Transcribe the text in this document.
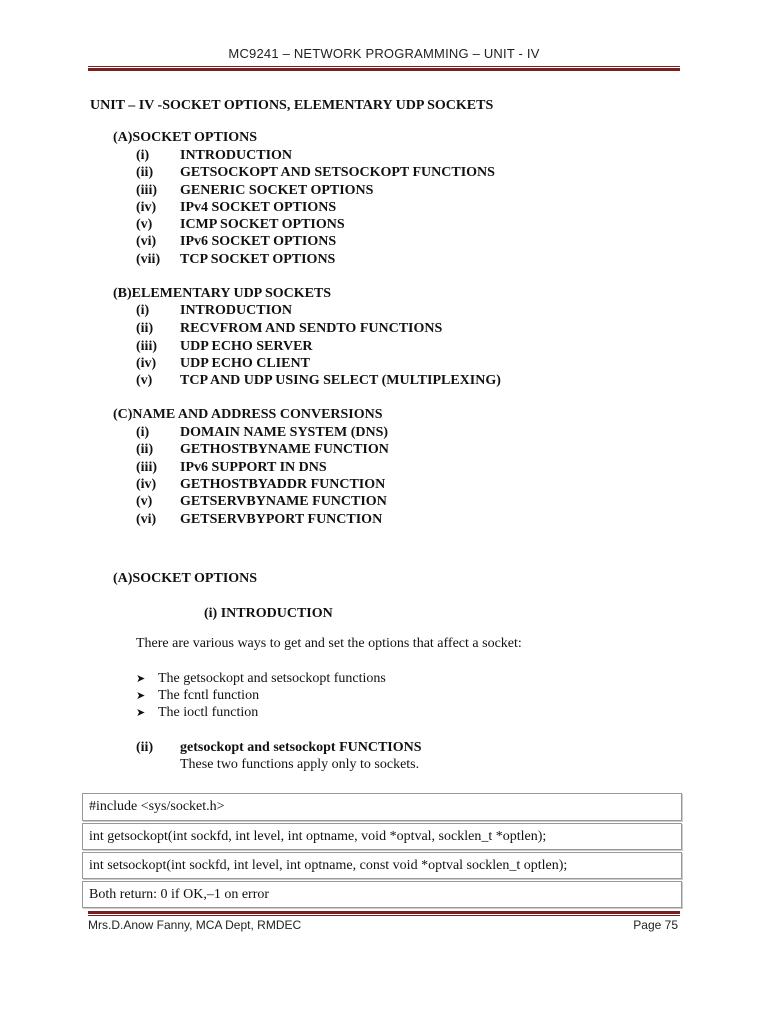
MC9241 – NETWORK PROGRAMMING – UNIT - IV
UNIT – IV -SOCKET OPTIONS, ELEMENTARY UDP SOCKETS
(A)SOCKET OPTIONS
(i) INTRODUCTION
(ii) GETSOCKOPT AND SETSOCKOPT FUNCTIONS
(iii) GENERIC SOCKET OPTIONS
(iv) IPv4 SOCKET OPTIONS
(v) ICMP SOCKET OPTIONS
(vi) IPv6 SOCKET OPTIONS
(vii) TCP SOCKET OPTIONS
(B)ELEMENTARY UDP SOCKETS
(i) INTRODUCTION
(ii) RECVFROM AND SENDTO FUNCTIONS
(iii) UDP ECHO SERVER
(iv) UDP ECHO CLIENT
(v) TCP AND UDP USING SELECT (MULTIPLEXING)
(C)NAME AND ADDRESS CONVERSIONS
(i) DOMAIN NAME SYSTEM (DNS)
(ii) GETHOSTBYNAME FUNCTION
(iii) IPv6 SUPPORT IN DNS
(iv) GETHOSTBYADDR FUNCTION
(v) GETSERVBYNAME FUNCTION
(vi) GETSERVBYPORT FUNCTION
(A)SOCKET OPTIONS
(i) INTRODUCTION
There are various ways to get and set the options that affect a socket:
➤ The getsockopt and setsockopt functions
➤ The fcntl function
➤ The ioctl function
(ii) getsockopt and setsockopt FUNCTIONS
These two functions apply only to sockets.
#include <sys/socket.h>
int getsockopt(int sockfd, int level, int optname, void *optval, socklen_t *optlen);
int setsockopt(int sockfd, int level, int optname, const void *optval socklen_t optlen);
Both return: 0 if OK,–1 on error
Mrs.D.Anow Fanny, MCA Dept, RMDEC	Page 75
